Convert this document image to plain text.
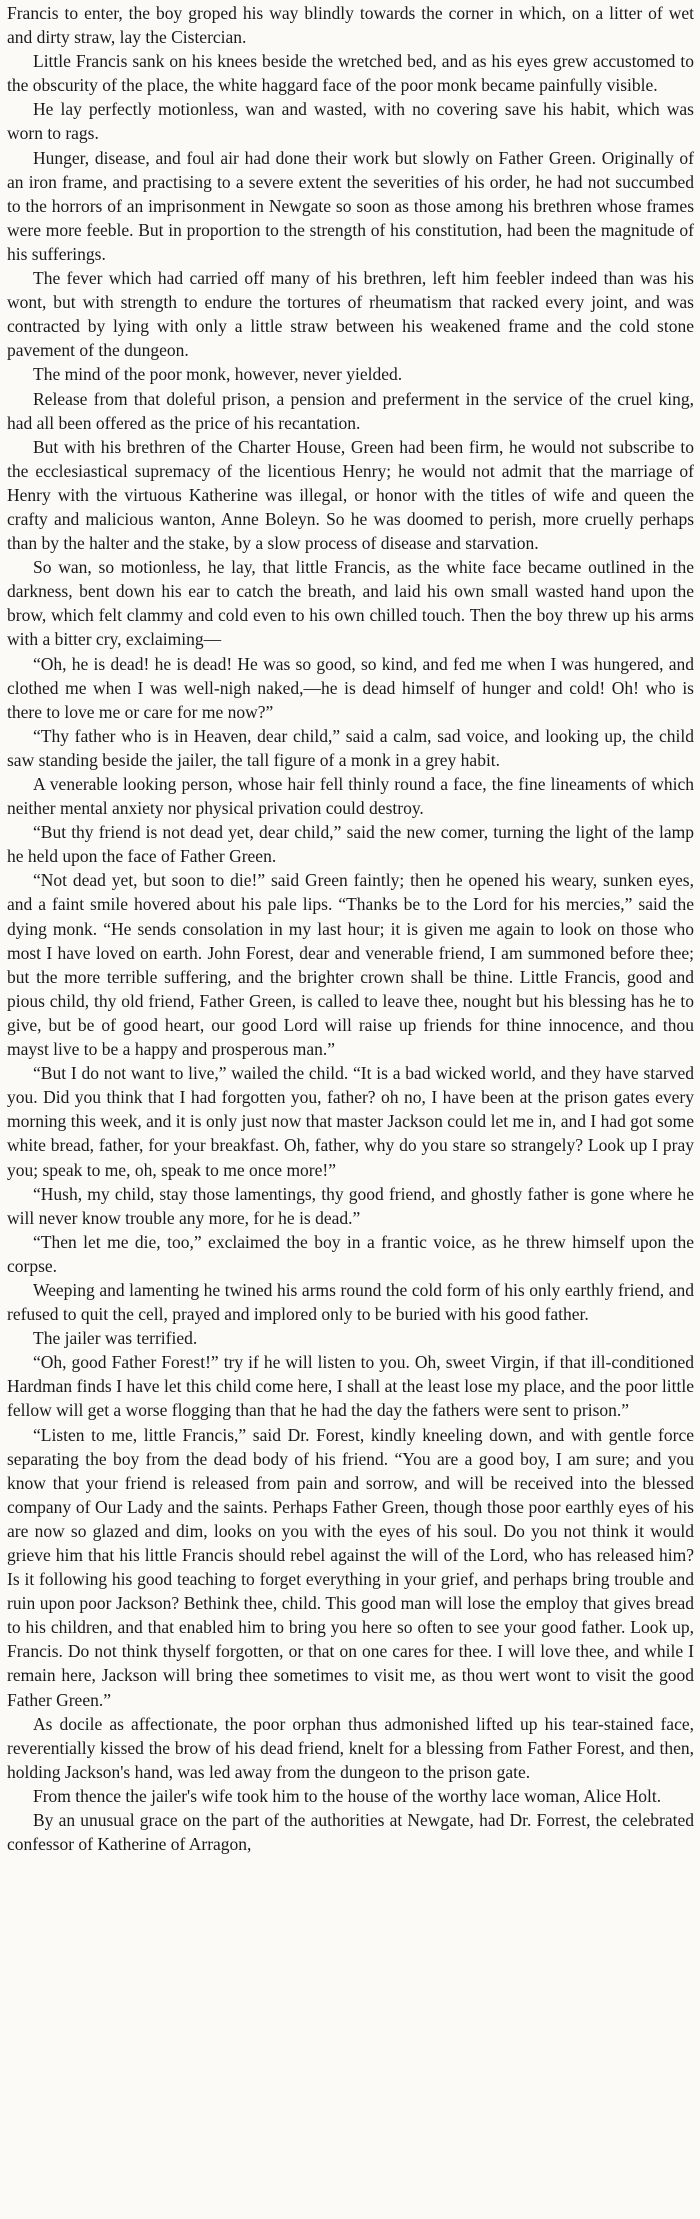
Francis to enter, the boy groped his way blindly towards the corner in which, on a litter of wet and dirty straw, lay the Cistercian.

Little Francis sank on his knees beside the wretched bed, and as his eyes grew accustomed to the obscurity of the place, the white haggard face of the poor monk became painfully visible.

He lay perfectly motionless, wan and wasted, with no covering save his habit, which was worn to rags.

Hunger, disease, and foul air had done their work but slowly on Father Green. Originally of an iron frame, and practising to a severe extent the severities of his order, he had not succumbed to the horrors of an imprisonment in Newgate so soon as those among his brethren whose frames were more feeble. But in proportion to the strength of his constitution, had been the magnitude of his sufferings.

The fever which had carried off many of his brethren, left him feebler indeed than was his wont, but with strength to endure the tortures of rheumatism that racked every joint, and was contracted by lying with only a little straw between his weakened frame and the cold stone pavement of the dungeon.

The mind of the poor monk, however, never yielded.

Release from that doleful prison, a pension and preferment in the service of the cruel king, had all been offered as the price of his recantation.

But with his brethren of the Charter House, Green had been firm, he would not subscribe to the ecclesiastical supremacy of the licentious Henry; he would not admit that the marriage of Henry with the virtuous Katherine was illegal, or honor with the titles of wife and queen the crafty and malicious wanton, Anne Boleyn. So he was doomed to perish, more cruelly perhaps than by the halter and the stake, by a slow process of disease and starvation.

So wan, so motionless, he lay, that little Francis, as the white face became outlined in the darkness, bent down his ear to catch the breath, and laid his own small wasted hand upon the brow, which felt clammy and cold even to his own chilled touch. Then the boy threw up his arms with a bitter cry, exclaiming—

“Oh, he is dead! he is dead! He was so good, so kind, and fed me when I was hungered, and clothed me when I was well-nigh naked,—he is dead himself of hunger and cold! Oh! who is there to love me or care for me now?”

“Thy father who is in Heaven, dear child,” said a calm, sad voice, and looking up, the child saw standing beside the jailer, the tall figure of a monk in a grey habit.

A venerable looking person, whose hair fell thinly round a face, the fine lineaments of which neither mental anxiety nor physical privation could destroy.

“But thy friend is not dead yet, dear child,” said the new comer, turning the light of the lamp he held upon the face of Father Green.

“Not dead yet, but soon to die!” said Green faintly; then he opened his weary, sunken eyes, and a faint smile hovered about his pale lips. “Thanks be to the Lord for his mercies,” said the dying monk. “He sends consolation in my last hour; it is given me again to look on those who most I have loved on earth. John Forest, dear and venerable friend, I am summoned before thee; but the more terrible suffering, and the brighter crown shall be thine. Little Francis, good and pious child, thy old friend, Father Green, is called to leave thee, nought but his blessing has he to give, but be of good heart, our good Lord will raise up friends for thine innocence, and thou mayst live to be a happy and prosperous man.”

“But I do not want to live,” wailed the child. “It is a bad wicked world, and they have starved you. Did you think that I had forgotten you, father? oh no, I have been at the prison gates every morning this week, and it is only just now that master Jackson could let me in, and I had got some white bread, father, for your breakfast. Oh, father, why do you stare so strangely? Look up I pray you; speak to me, oh, speak to me once more!”

“Hush, my child, stay those lamentings, thy good friend, and ghostly father is gone where he will never know trouble any more, for he is dead.”

“Then let me die, too,” exclaimed the boy in a frantic voice, as he threw himself upon the corpse.

Weeping and lamenting he twined his arms round the cold form of his only earthly friend, and refused to quit the cell, prayed and implored only to be buried with his good father.

The jailer was terrified.

“Oh, good Father Forest!” try if he will listen to you. Oh, sweet Virgin, if that ill-conditioned Hardman finds I have let this child come here, I shall at the least lose my place, and the poor little fellow will get a worse flogging than that he had the day the fathers were sent to prison.”

“Listen to me, little Francis,” said Dr. Forest, kindly kneeling down, and with gentle force separating the boy from the dead body of his friend. “You are a good boy, I am sure; and you know that your friend is released from pain and sorrow, and will be received into the blessed company of Our Lady and the saints. Perhaps Father Green, though those poor earthly eyes of his are now so glazed and dim, looks on you with the eyes of his soul. Do you not think it would grieve him that his little Francis should rebel against the will of the Lord, who has released him? Is it following his good teaching to forget everything in your grief, and perhaps bring trouble and ruin upon poor Jackson? Bethink thee, child. This good man will lose the employ that gives bread to his children, and that enabled him to bring you here so often to see your good father. Look up, Francis. Do not think thyself forgotten, or that on one cares for thee. I will love thee, and while I remain here, Jackson will bring thee sometimes to visit me, as thou wert wont to visit the good Father Green.”

As docile as affectionate, the poor orphan thus admonished lifted up his tear-stained face, reverentially kissed the brow of his dead friend, knelt for a blessing from Father Forest, and then, holding Jackson's hand, was led away from the dungeon to the prison gate.

From thence the jailer's wife took him to the house of the worthy lace woman, Alice Holt.

By an unusual grace on the part of the authorities at Newgate, had Dr. Forrest, the celebrated confessor of Katherine of Arragon,
